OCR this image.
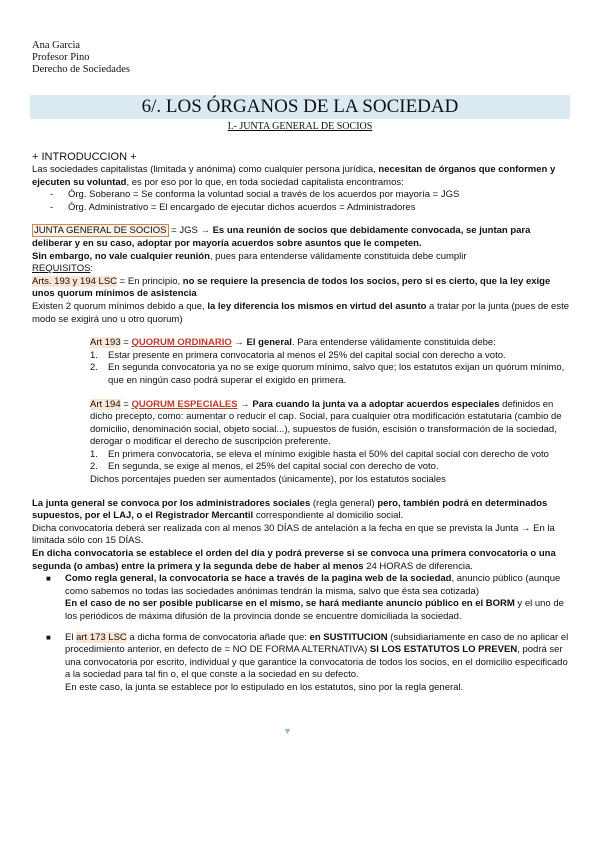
Ana Garcia
Profesor Pino
Derecho de Sociedades
6/. LOS ÓRGANOS DE LA SOCIEDAD
I.- JUNTA GENERAL DE SOCIOS

+ INTRODUCCION +

Las sociedades capitalistas (limitada y anónima) como cualquier persona jurídica, necesitan de órganos que conformen y ejecuten su voluntad, es por eso por lo que, en toda sociedad capitalista encontramos:

-	Órg. Soberano = Se conforma la voluntad social a través de los acuerdos por mayoría = JGS
-	Órg. Administrativo = El encargado de ejecutar dichos acuerdos = Administradores

JUNTA GENERAL DE SOCIOS = JGS → Es una reunión de socios que debidamente convocada, se juntan para deliberar y en su caso, adoptar por mayoría acuerdos sobre asuntos que le competen.

Sin embargo, no vale cualquier reunión, pues para entenderse válidamente constituida debe cumplir

REQUISITOS:

Arts. 193 y 194 LSC = En principio, no se requiere la presencia de todos los socios, pero si es cierto, que la ley exige unos quorum mínimos de asistencia

Existen 2 quorum mínimos debido a que, la ley diferencia los mismos en virtud del asunto a tratar por la junta (pues de este modo se exigirá uno u otro quorum)

Art 193 = QUORUM ORDINARIO → El general. Para entenderse válidamente constituida debe:

1.	Estar presente en primera convocatoria al menos el 25% del capital social con derecho a voto.
2.	En segunda convocatoria ya no se exige quorum mínimo, salvo que; los estatutos exijan un quórum mínimo, que en ningún caso podrá superar el exigido en primera.

Art 194 = QUORUM ESPECIALES → Para cuando la junta va a adoptar acuerdos especiales definidos en dicho precepto, como: aumentar o reducir el cap. Social, para cualquier otra modificación estatutaria (cambio de domicilio, denominación social, objeto social...), supuestos de fusión, escisión o transformación de la sociedad, derogar o modificar el derecho de suscripción preferente.

1.	En primera convocatoria, se eleva el mínimo exigible hasta el 50% del capital social con derecho de voto
2.	En segunda, se exige al menos, el 25% del capital social con derecho de voto.

Dichos porcentajes pueden ser aumentados (únicamente), por los estatutos sociales

La junta general se convoca por los administradores sociales (regla general) pero, también podrá en determinados supuestos, por el LAJ, o el Registrador Mercantil correspondiente al domicilio social.

Dicha convocatoria deberá ser realizada con al menos 30 DÍAS de antelación a la fecha en que se prevista la Junta → En la limitada sólo con 15 DÍAS.

En dicha convocatoria se establece el orden del día y podrá preverse si se convoca una primera convocatoria o una segunda (o ambas) entre la primera y la segunda debe de haber al menos 24 HORAS de diferencia.

■	Como regla general, la convocatoria se hace a través de la pagina web de la sociedad, anuncio público (aunque como sabemos no todas las sociedades anónimas tendrán la misma, salvo que ésta sea cotizada)

En el caso de no ser posible publicarse en el mismo, se hará mediante anuncio público en el BORM y el uno de los periódicos de máxima difusión de la provincia donde se encuentre domiciliada la sociedad.

■	El art 173 LSC a dicha forma de convocatoria añade que: en SUSTITUCION (subsidiariamente en caso de no aplicar el procedimiento anterior, en defecto de = NO DE FORMA ALTERNATIVA) SI LOS ESTATUTOS LO PREVEN, podrá ser una convocatoria por escrito, individual y que garantice la convocatoria de todos los socios, en el domicilio especificado a la sociedad para tal fin o, el que conste a la sociedad en su defecto.

En este caso, la junta se establece por lo estipulado en los estatutos, sino por la regla general.

▼
